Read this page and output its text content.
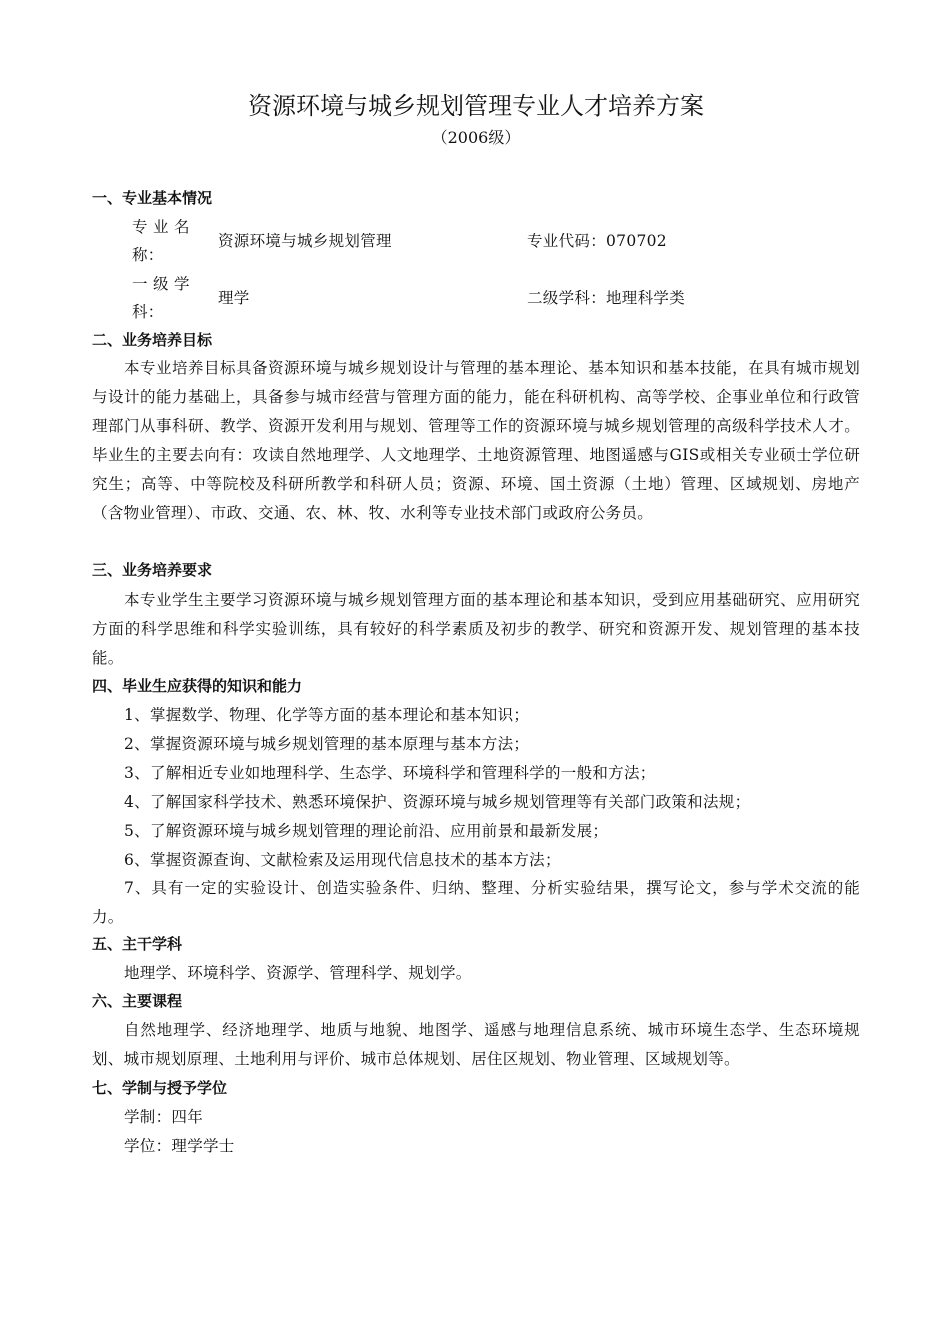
资源环境与城乡规划管理专业人才培养方案
（2006级）
一、专业基本情况
专 业 名
称：
资源环境与城乡规划管理	专业代码：070702
一 级 学
科：
理学	二级学科：地理科学类
二、业务培养目标
本专业培养目标具备资源环境与城乡规划设计与管理的基本理论、基本知识和基本技能，在具有城市规划与设计的能力基础上，具备参与城市经营与管理方面的能力，能在科研机构、高等学校、企事业单位和行政管理部门从事科研、教学、资源开发利用与规划、管理等工作的资源环境与城乡规划管理的高级科学技术人才。毕业生的主要去向有：攻读自然地理学、人文地理学、土地资源管理、地图遥感与GIS或相关专业硕士学位研究生；高等、中等院校及科研所教学和科研人员；资源、环境、国土资源（土地）管理、区域规划、房地产（含物业管理）、市政、交通、农、林、牧、水利等专业技术部门或政府公务员。
三、业务培养要求
本专业学生主要学习资源环境与城乡规划管理方面的基本理论和基本知识，受到应用基础研究、应用研究方面的科学思维和科学实验训练，具有较好的科学素质及初步的教学、研究和资源开发、规划管理的基本技能。
四、毕业生应获得的知识和能力
1、掌握数学、物理、化学等方面的基本理论和基本知识；
2、掌握资源环境与城乡规划管理的基本原理与基本方法；
3、了解相近专业如地理科学、生态学、环境科学和管理科学的一般和方法；
4、了解国家科学技术、熟悉环境保护、资源环境与城乡规划管理等有关部门政策和法规；
5、了解资源环境与城乡规划管理的理论前沿、应用前景和最新发展；
6、掌握资源查询、文献检索及运用现代信息技术的基本方法；
7、具有一定的实验设计、创造实验条件、归纳、整理、分析实验结果，撰写论文，参与学术交流的能力。
五、主干学科
地理学、环境科学、资源学、管理科学、规划学。
六、主要课程
自然地理学、经济地理学、地质与地貌、地图学、遥感与地理信息系统、城市环境生态学、生态环境规划、城市规划原理、土地利用与评价、城市总体规划、居住区规划、物业管理、区域规划等。
七、学制与授予学位
学制：四年
学位：理学学士
